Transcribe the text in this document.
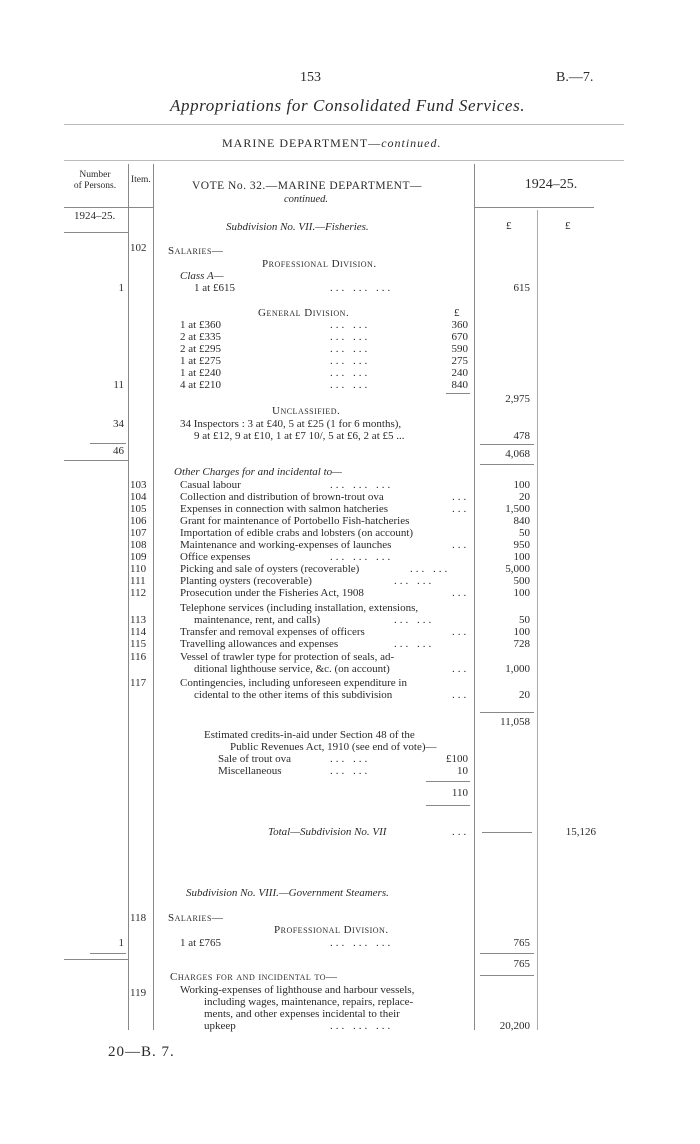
153	B.—7.
Appropriations for Consolidated Fund Services.
MARINE DEPARTMENT—continued.
Number
of Persons.
Item.
1924–25.
VOTE No. 32.—MARINE DEPARTMENT—
continued.
1924–25.
£	£
Subdivision No. VII.—Fisheries.
102 Salaries—
Professional Division.
Class A—
1	1 at £615	... ... ...	615
General Division.	£
1 at £360	... ...	360
2 at £335	... ...	670
2 at £295	... ...	590
1 at £275	... ...	275
1 at £240	... ...	240
11	4 at £210	... ...	840
2,975
Unclassified.
34	34 Inspectors : 3 at £40, 5 at £25 (1 for 6 months),
9 at £12, 9 at £10, 1 at £7 10/, 5 at £6, 2 at £5 ...	478
46	4,068
Other Charges for and incidental to—
103	Casual labour	... ... ...	100
104	Collection and distribution of brown-trout ova	...	20
105	Expenses in connection with salmon hatcheries	...	1,500
106	Grant for maintenance of Portobello Fish-hatcheries	840
107	Importation of edible crabs and lobsters (on account)	50
108	Maintenance and working-expenses of launches	...	950
109	Office expenses	... ... ...	100
110	Picking and sale of oysters (recoverable)	... ...	5,000
111	Planting oysters (recoverable)	... ...	500
112	Prosecution under the Fisheries Act, 1908	...	100
Telephone services (including installation, extensions,
113	maintenance, rent, and calls)	... ...	50
114	Transfer and removal expenses of officers	...	100
115	Travelling allowances and expenses	... ...	728
116	Vessel of trawler type for protection of seals, ad-
ditional lighthouse service, &c. (on account)	...	1,000
117	Contingencies, including unforeseen expenditure in
cidental to the other items of this subdivision	...	20
11,058
Estimated credits-in-aid under Section 48 of the
Public Revenues Act, 1910 (see end of vote)—
Sale of trout ova	... ...	£100
Miscellaneous	... ...	10
110
Total—Subdivision No. VII	...	15,126
Subdivision No. VIII.—Government Steamers.
118 Salaries—
Professional Division.
1	1 at £765	... ... ...	765
765
Charges for and incidental to—
119	Working-expenses of lighthouse and harbour vessels,
including wages, maintenance, repairs, replace-
ments, and other expenses incidental to their
upkeep	... ... ...	20,200
20—B. 7.
